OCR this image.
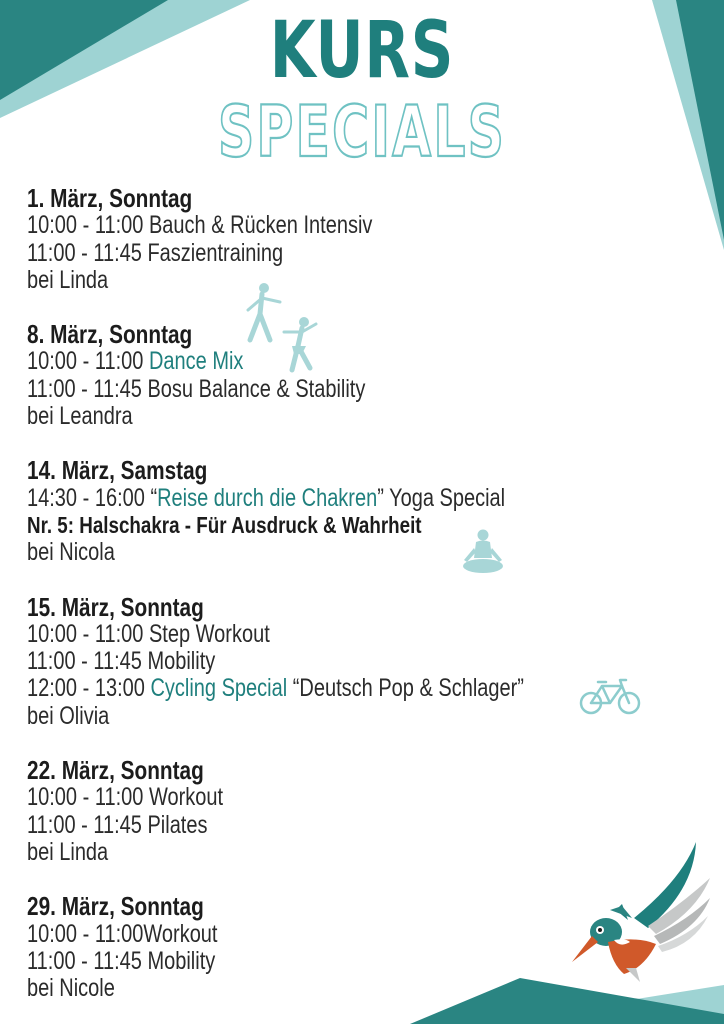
KURS
SPECIALS
1. März, Sonntag
10:00 - 11:00 Bauch & Rücken Intensiv
11:00 - 11:45 Faszientraining
bei Linda
8. März, Sonntag
10:00 - 11:00 Dance Mix
11:00 - 11:45 Bosu Balance & Stability
bei Leandra
14. März, Samstag
14:30 - 16:00 “Reise durch die Chakren” Yoga Special
Nr. 5: Halschakra - Für Ausdruck & Wahrheit
bei Nicola
15. März, Sonntag
10:00 - 11:00 Step Workout
11:00 - 11:45 Mobility
12:00 - 13:00 Cycling Special “Deutsch Pop & Schlager”
bei Olivia
22. März, Sonntag
10:00 - 11:00 Workout
11:00 - 11:45 Pilates
bei Linda
29. März, Sonntag
10:00 - 11:00Workout
11:00 - 11:45 Mobility
bei Nicole
